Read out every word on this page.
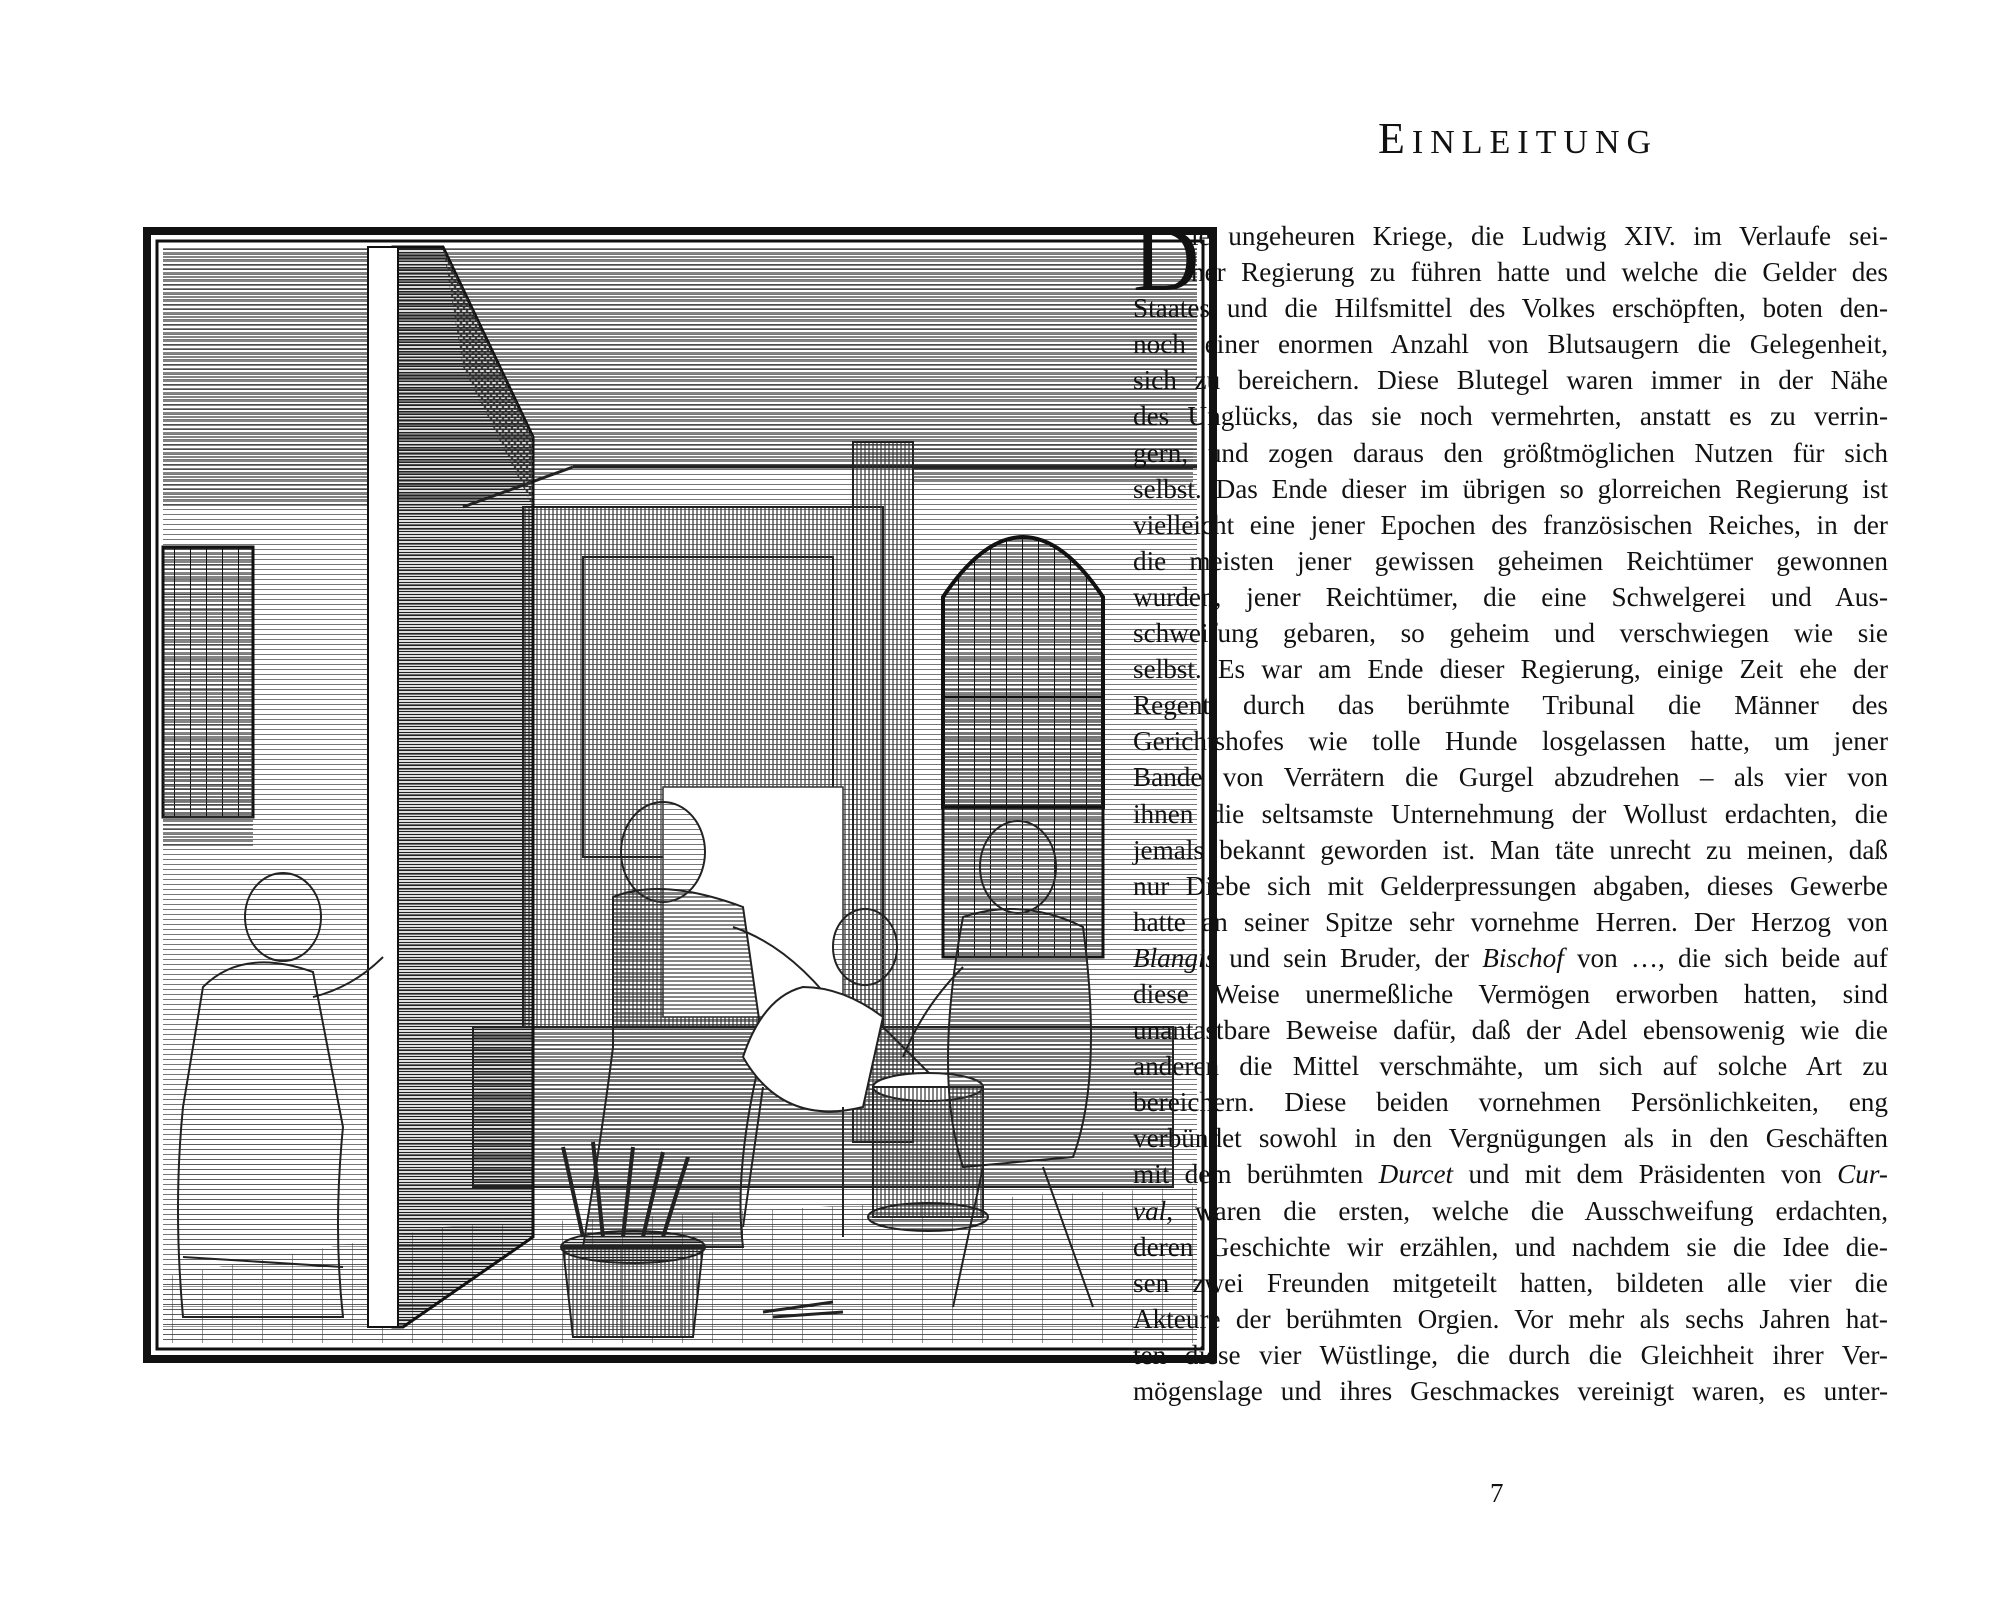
EINLEITUNG
D
ie ungeheuren Kriege, die Ludwig XIV. im Verlaufe sei-
ner Regierung zu führen hatte und welche die Gelder des
Staates und die Hilfsmittel des Volkes erschöpften, boten den-
noch einer enormen Anzahl von Blutsaugern die Gelegenheit,
sich zu bereichern. Diese Blutegel waren immer in der Nähe
des Unglücks, das sie noch vermehrten, anstatt es zu verrin-
gern, und zogen daraus den größtmöglichen Nutzen für sich
selbst. Das Ende dieser im übrigen so glorreichen Regierung ist
vielleicht eine jener Epochen des französischen Reiches, in der
die meisten jener gewissen geheimen Reichtümer gewonnen
wurden, jener Reichtümer, die eine Schwelgerei und Aus-
schweifung gebaren, so geheim und verschwiegen wie sie
selbst. Es war am Ende dieser Regierung, einige Zeit ehe der
Regent durch das berühmte Tribunal die Männer des
Gerichtshofes wie tolle Hunde losgelassen hatte, um jener
Bande von Verrätern die Gurgel abzudrehen – als vier von
ihnen die seltsamste Unternehmung der Wollust erdachten, die
jemals bekannt geworden ist. Man täte unrecht zu meinen, daß
nur Diebe sich mit Gelderpressungen abgaben, dieses Gewerbe
hatte an seiner Spitze sehr vornehme Herren. Der Herzog von
Blangis und sein Bruder, der Bischof von …, die sich beide auf
diese Weise unermeßliche Vermögen erworben hatten, sind
unantastbare Beweise dafür, daß der Adel ebensowenig wie die
anderen die Mittel verschmähte, um sich auf solche Art zu
bereichern. Diese beiden vornehmen Persönlichkeiten, eng
verbündet sowohl in den Vergnügungen als in den Geschäften
mit dem berühmten Durcet und mit dem Präsidenten von Cur-
val, waren die ersten, welche die Ausschweifung erdachten,
deren Geschichte wir erzählen, und nachdem sie die Idee die-
sen zwei Freunden mitgeteilt hatten, bildeten alle vier die
Akteure der berühmten Orgien. Vor mehr als sechs Jahren hat-
ten diese vier Wüstlinge, die durch die Gleichheit ihrer Ver-
mögenslage und ihres Geschmackes vereinigt waren, es unter-
7
